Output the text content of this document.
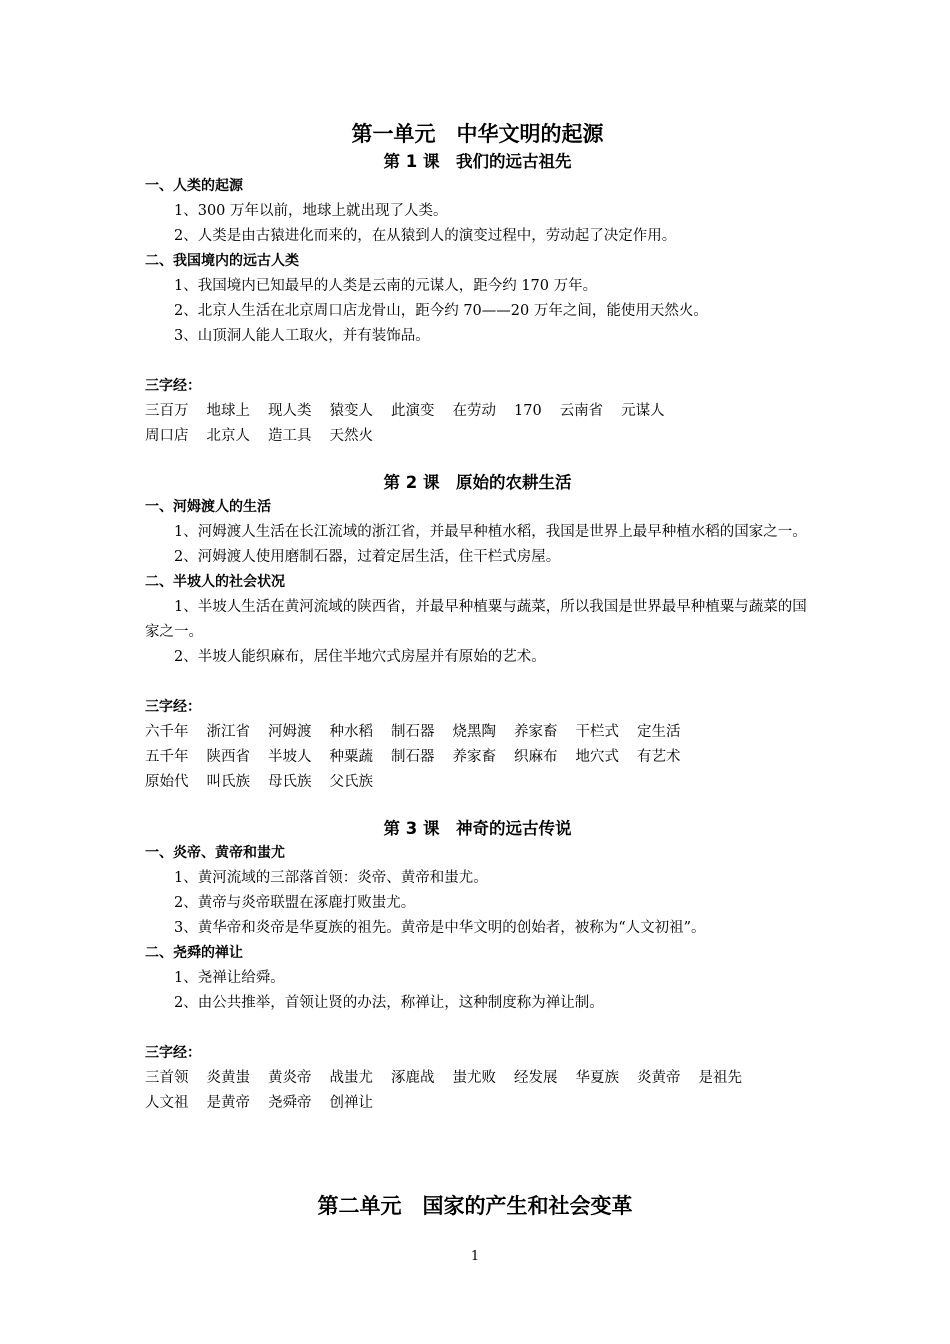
第一单元　中华文明的起源
第 1 课　我们的远古祖先
一、人类的起源
1、300 万年以前，地球上就出现了人类。
2、人类是由古猿进化而来的，在从猿到人的演变过程中，劳动起了决定作用。
二、我国境内的远古人类
1、我国境内已知最早的人类是云南的元谋人，距今约 170 万年。
2、北京人生活在北京周口店龙骨山，距今约 70——20 万年之间，能使用天然火。
3、山顶洞人能人工取火，并有装饰品。
三字经：
三百万 地球上 现人类 猿变人 此演变 在劳动 170 云南省 元谋人
周口店 北京人 造工具 天然火
第 2 课　原始的农耕生活
一、河姆渡人的生活
1、河姆渡人生活在长江流域的浙江省，并最早种植水稻，我国是世界上最早种植水稻的国家之一。
2、河姆渡人使用磨制石器，过着定居生活，住干栏式房屋。
二、半坡人的社会状况
1、半坡人生活在黄河流域的陕西省，并最早种植粟与蔬菜，所以我国是世界最早种植粟与蔬菜的国家之一。
2、半坡人能织麻布，居住半地穴式房屋并有原始的艺术。
三字经：
六千年 浙江省 河姆渡 种水稻 制石器 烧黑陶 养家畜 干栏式 定生活
五千年 陕西省 半坡人 种粟蔬 制石器 养家畜 织麻布 地穴式 有艺术
原始代 叫氏族 母氏族 父氏族
第 3 课　神奇的远古传说
一、炎帝、黄帝和蚩尤
1、黄河流域的三部落首领：炎帝、黄帝和蚩尤。
2、黄帝与炎帝联盟在涿鹿打败蚩尤。
3、黄华帝和炎帝是华夏族的祖先。黄帝是中华文明的创始者，被称为“人文初祖”。
二、尧舜的禅让
1、尧禅让给舜。
2、由公共推举，首领让贤的办法，称禅让，这种制度称为禅让制。
三字经：
三首领 炎黄蚩 黄炎帝 战蚩尤 涿鹿战 蚩尤败 经发展 华夏族 炎黄帝 是祖先
人文祖 是黄帝 尧舜帝 创禅让
第二单元　国家的产生和社会变革
1
